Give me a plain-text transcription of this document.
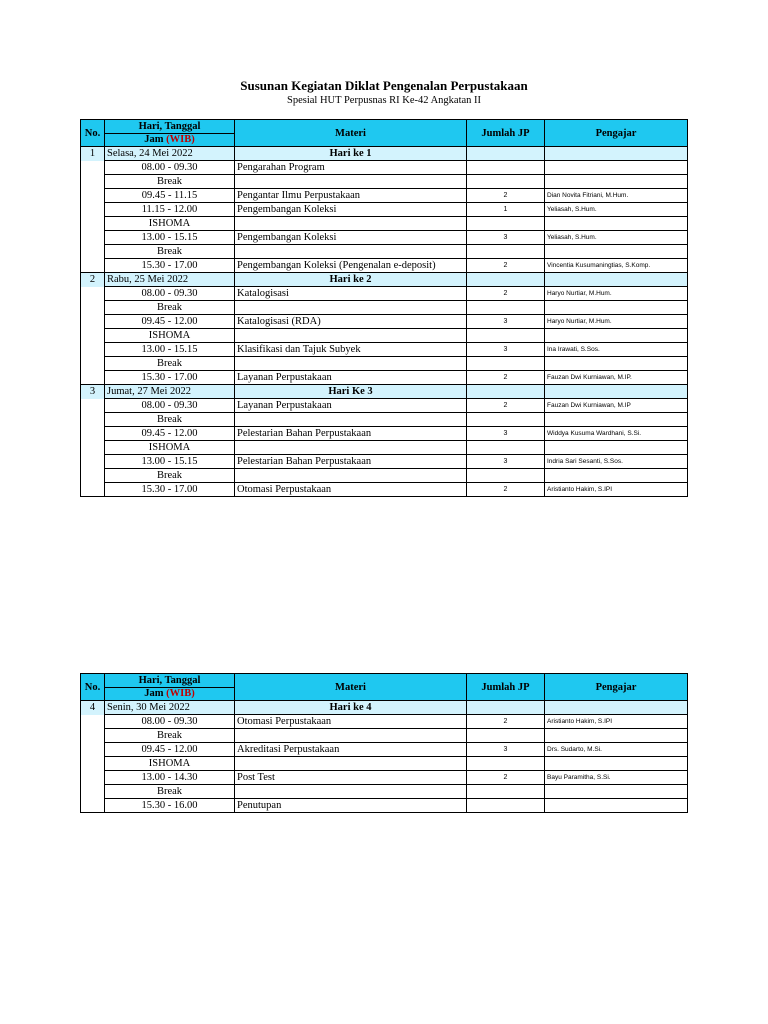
Susunan Kegiatan Diklat Pengenalan Perpustakaan
Spesial HUT Perpusnas RI Ke-42 Angkatan II
No.	Hari, Tanggal
Jam (WIB)	Materi	Jumlah JP	Pengajar
1	Selasa, 24 Mei 2022	Hari ke 1		
	08.00 - 09.30	Pengarahan Program		
	Break			
	09.45 - 11.15	Pengantar Ilmu Perpustakaan	2	Dian Novita Fitriani, M.Hum.
	11.15 - 12.00	Pengembangan Koleksi	1	Yeliasah, S.Hum.
	ISHOMA			
	13.00 - 15.15	Pengembangan Koleksi	3	Yeliasah, S.Hum.
	Break			
	15.30 - 17.00	Pengembangan Koleksi (Pengenalan e-deposit)	2	Vincentia Kusumaningtias, S.Komp.
2	Rabu, 25 Mei 2022	Hari ke 2		
	08.00 - 09.30	Katalogisasi	2	Haryo Nurtiar, M.Hum.
	Break			
	09.45 - 12.00	Katalogisasi (RDA)	3	Haryo Nurtiar, M.Hum.
	ISHOMA			
	13.00 - 15.15	Klasifikasi dan Tajuk Subyek	3	Ina Irawati, S.Sos.
	Break			
	15.30 - 17.00	Layanan Perpustakaan	2	Fauzan Dwi Kurniawan, M.IP.
3	Jumat, 27 Mei 2022	Hari Ke 3		
	08.00 - 09.30	Layanan Perpustakaan	2	Fauzan Dwi Kurniawan, M.IP
	Break			
	09.45 - 12.00	Pelestarian Bahan Perpustakaan	3	Widdya Kusuma Wardhani, S.Si.
	ISHOMA			
	13.00 - 15.15	Pelestarian Bahan Perpustakaan	3	Indria Sari Sesanti, S.Sos.
	Break			
	15.30 - 17.00	Otomasi Perpustakaan	2	Aristianto Hakim, S.IPI
No.	Hari, Tanggal
Jam (WIB)	Materi	Jumlah JP	Pengajar
4	Senin, 30 Mei 2022	Hari ke 4		
	08.00 - 09.30	Otomasi Perpustakaan	2	Aristianto Hakim, S.IPI
	Break			
	09.45 - 12.00	Akreditasi Perpustakaan	3	Drs. Sudarto, M.Si.
	ISHOMA			
	13.00 - 14.30	Post Test	2	Bayu Paramitha, S.Si.
	Break			
	15.30 - 16.00	Penutupan		
